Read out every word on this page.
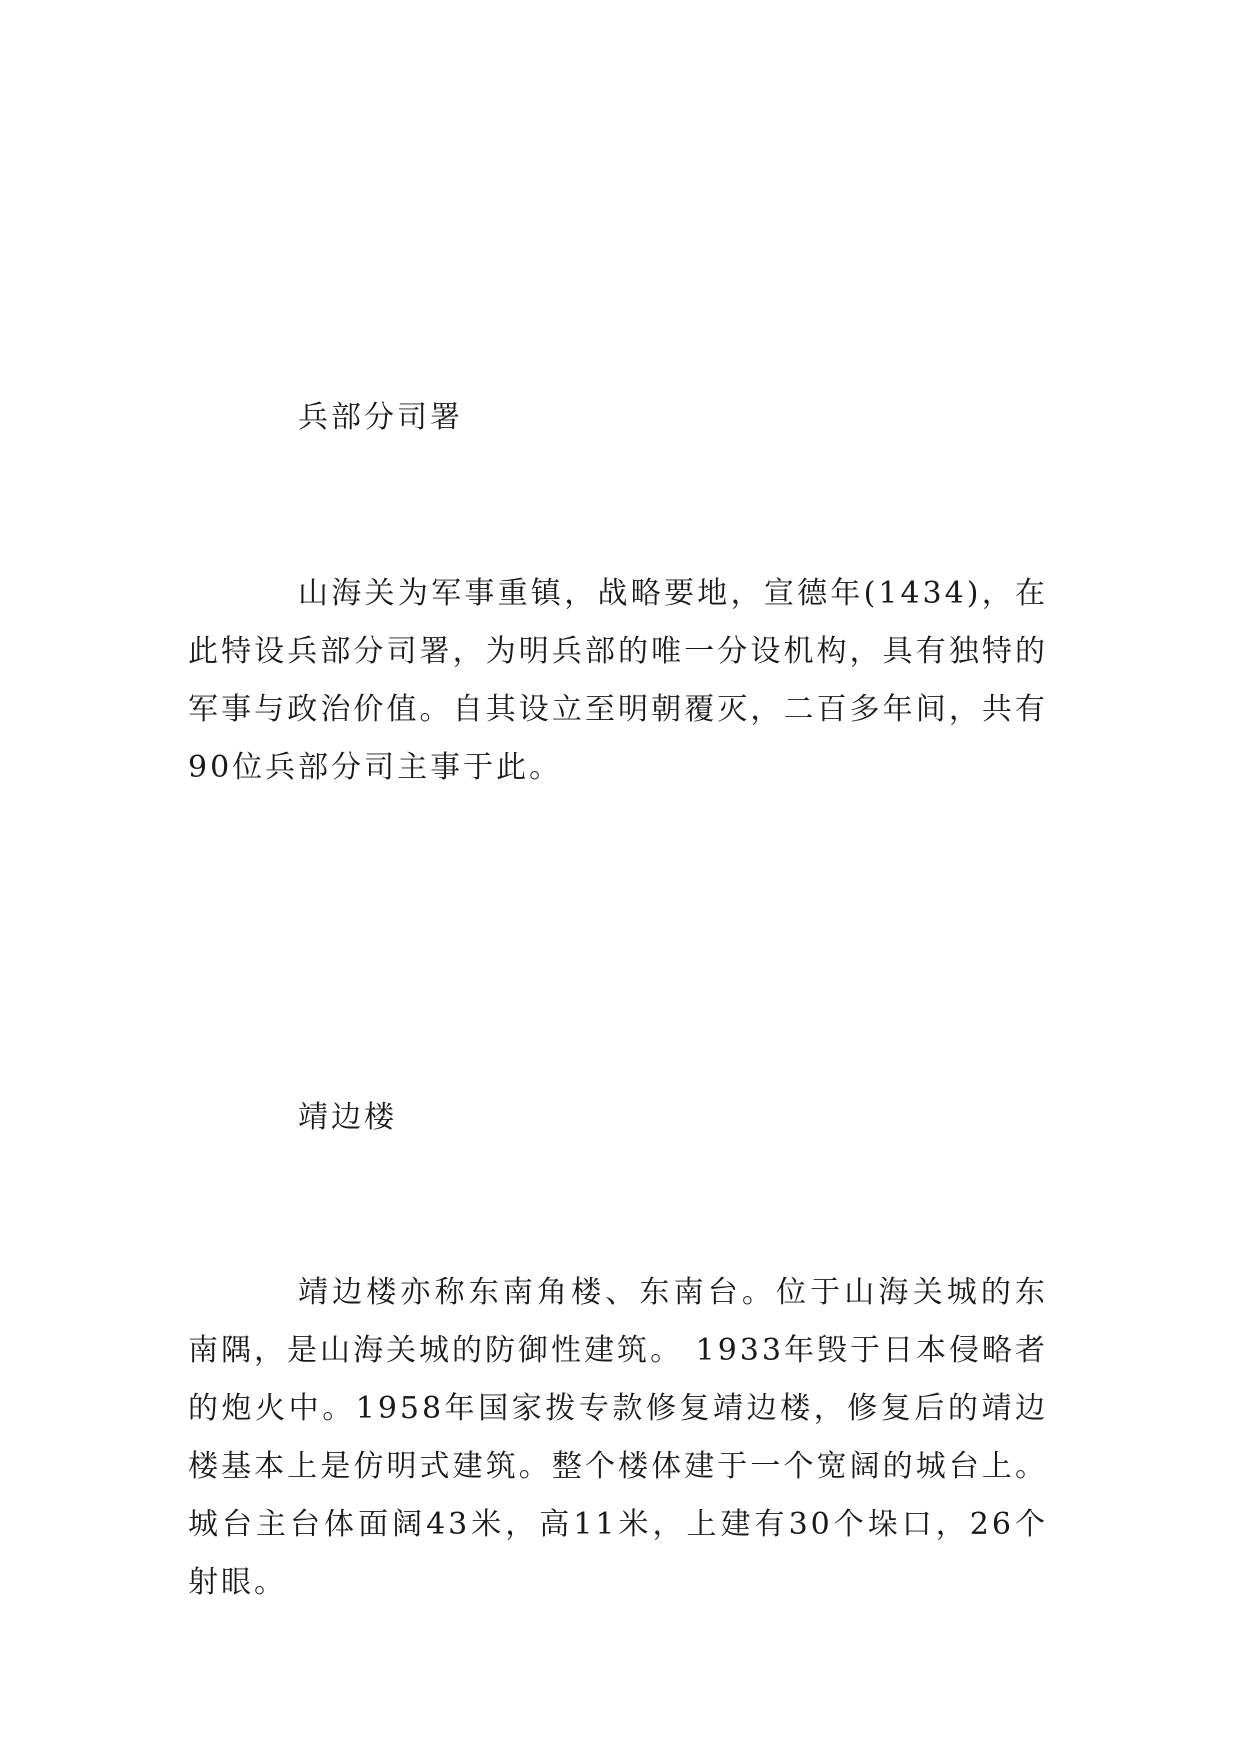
兵部分司署

山海关为军事重镇，战略要地，宣德年(1434)，在此特设兵部分司署，为明兵部的唯一分设机构，具有独特的军事与政治价值。自其设立至明朝覆灭，二百多年间，共有90位兵部分司主事于此。

靖边楼

靖边楼亦称东南角楼、东南台。位于山海关城的东南隅，是山海关城的防御性建筑。 1933年毁于日本侵略者的炮火中。1958年国家拨专款修复靖边楼，修复后的靖边楼基本上是仿明式建筑。整个楼体建于一个宽阔的城台上。城台主台体面阔43米，高11米，上建有30个垛口，26个射眼。
